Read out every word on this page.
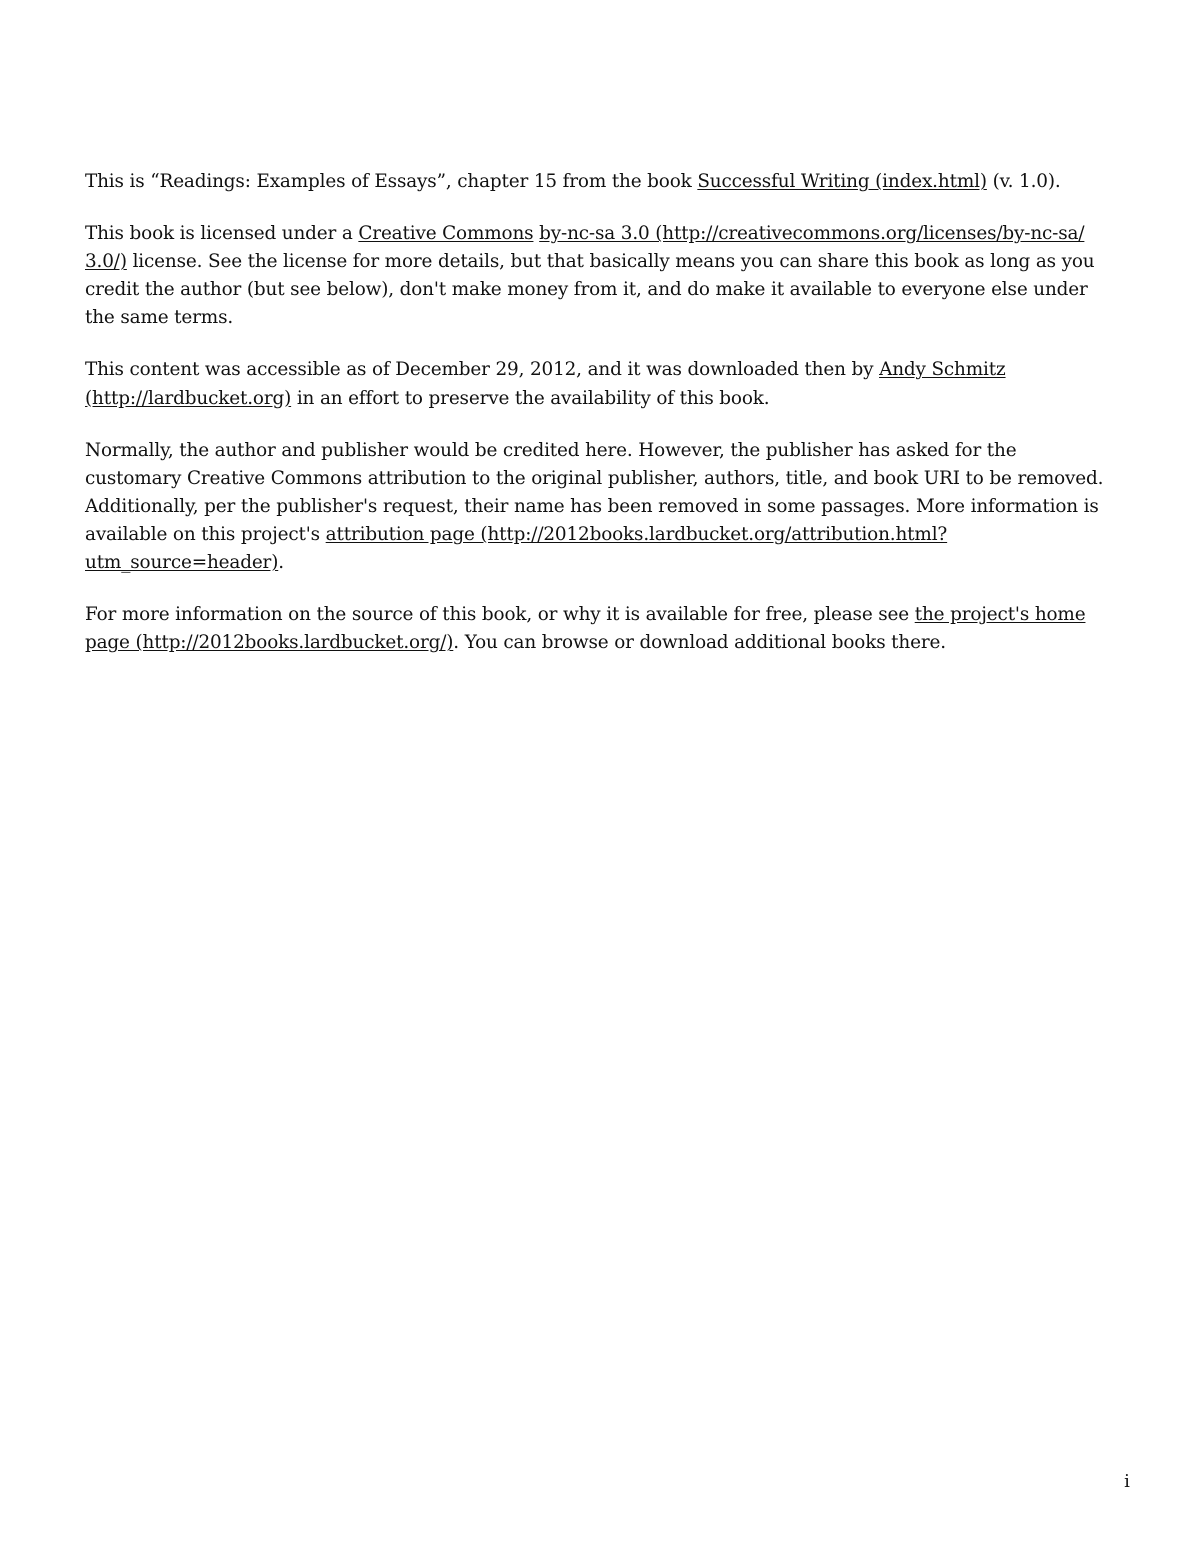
This is “Readings: Examples of Essays”, chapter 15 from the book Successful Writing (index.html) (v. 1.0).

This book is licensed under a Creative Commons by-nc-sa 3.0 (http://creativecommons.org/licenses/by-nc-sa/ 3.0/) license. See the license for more details, but that basically means you can share this book as long as you credit the author (but see below), don't make money from it, and do make it available to everyone else under the same terms.

This content was accessible as of December 29, 2012, and it was downloaded then by Andy Schmitz (http://lardbucket.org) in an effort to preserve the availability of this book.

Normally, the author and publisher would be credited here. However, the publisher has asked for the customary Creative Commons attribution to the original publisher, authors, title, and book URI to be removed. Additionally, per the publisher's request, their name has been removed in some passages. More information is available on this project's attribution page (http://2012books.lardbucket.org/attribution.html?utm_source=header).

For more information on the source of this book, or why it is available for free, please see the project's home page (http://2012books.lardbucket.org/). You can browse or download additional books there.

i
